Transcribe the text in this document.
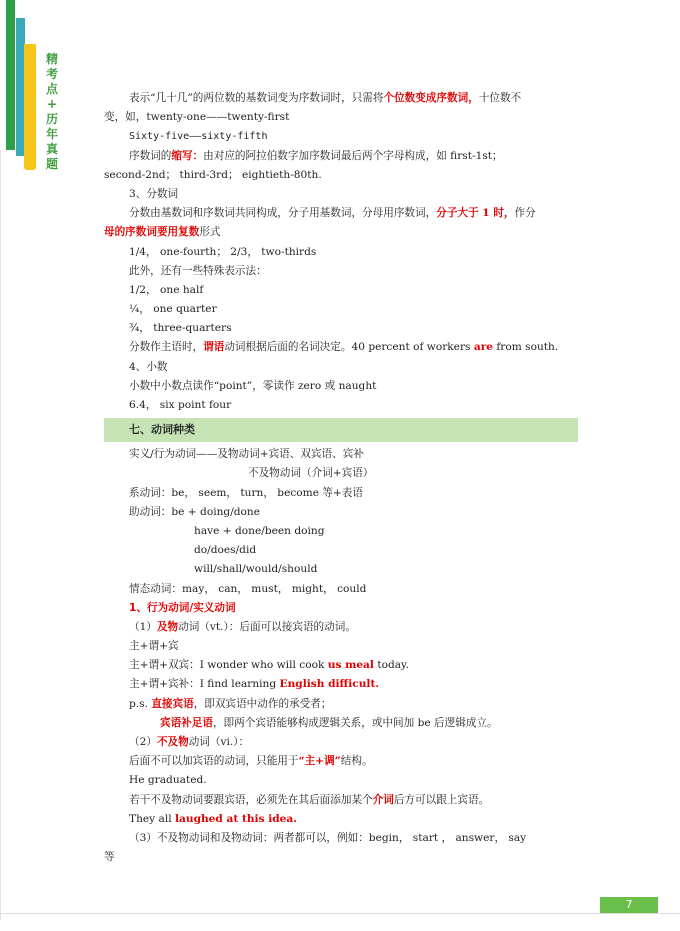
精
考
点
+
历
年
真
题
表示“几十几”的两位数的基数词变为序数词时，只需将个位数变成序数词，十位数不
变，如，twenty-one——twenty-first
Sixty-five——sixty-fifth
序数词的缩写：由对应的阿拉伯数字加序数词最后两个字母构成，如 first-1st；
second-2nd； third-3rd； eightieth-80th.
3、分数词
分数由基数词和序数词共同构成，分子用基数词，分母用序数词，分子大于 1 时，作分
母的序数词要用复数形式
1/4， one-fourth； 2/3， two-thirds
此外，还有一些特殊表示法：
1/2， one half
¼， one quarter
¾， three-quarters
分数作主语时，谓语动词根据后面的名词决定。40 percent of workers are from south.
4、小数
小数中小数点读作“point”，零读作 zero 或 naught
6.4， six point four
七、动词种类
实义/行为动词——及物动词+宾语、双宾语、宾补
不及物动词（介词+宾语）
系动词：be， seem， turn， become 等+表语
助动词：be + doing/done
have + done/been doing
do/does/did
will/shall/would/should
情态动词：may， can， must， might， could
1、行为动词/实义动词
（1）及物动词（vt.）：后面可以接宾语的动词。
主+谓+宾
主+谓+双宾：I wonder who will cook us meal today.
主+谓+宾补：I find learning English difficult.
p.s. 直接宾语，即双宾语中动作的承受者；
宾语补足语，即两个宾语能够构成逻辑关系，或中间加 be 后逻辑成立。
（2）不及物动词（vi.）：
后面不可以加宾语的动词，只能用于“主+调”结构。
He graduated.
若干不及物动词要跟宾语，必须先在其后面添加某个介词后方可以跟上宾语。
They all laughed at this idea.
（3）不及物动词和及物动词：两者都可以，例如：begin， start ， answer， say
等
7
